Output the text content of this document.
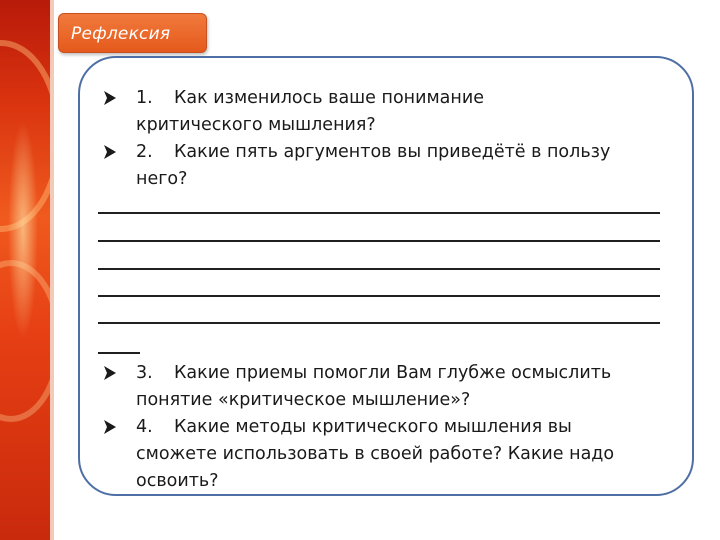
Рефлексия
1. Как изменилось ваше понимание
критического мышления?
2. Какие пять аргументов вы приведётё в пользу
него?
3. Какие приемы помогли Вам глубже осмыслить
понятие «критическое мышление»?
4. Какие методы критического мышления вы
сможете использовать в своей работе? Какие надо
освоить?
